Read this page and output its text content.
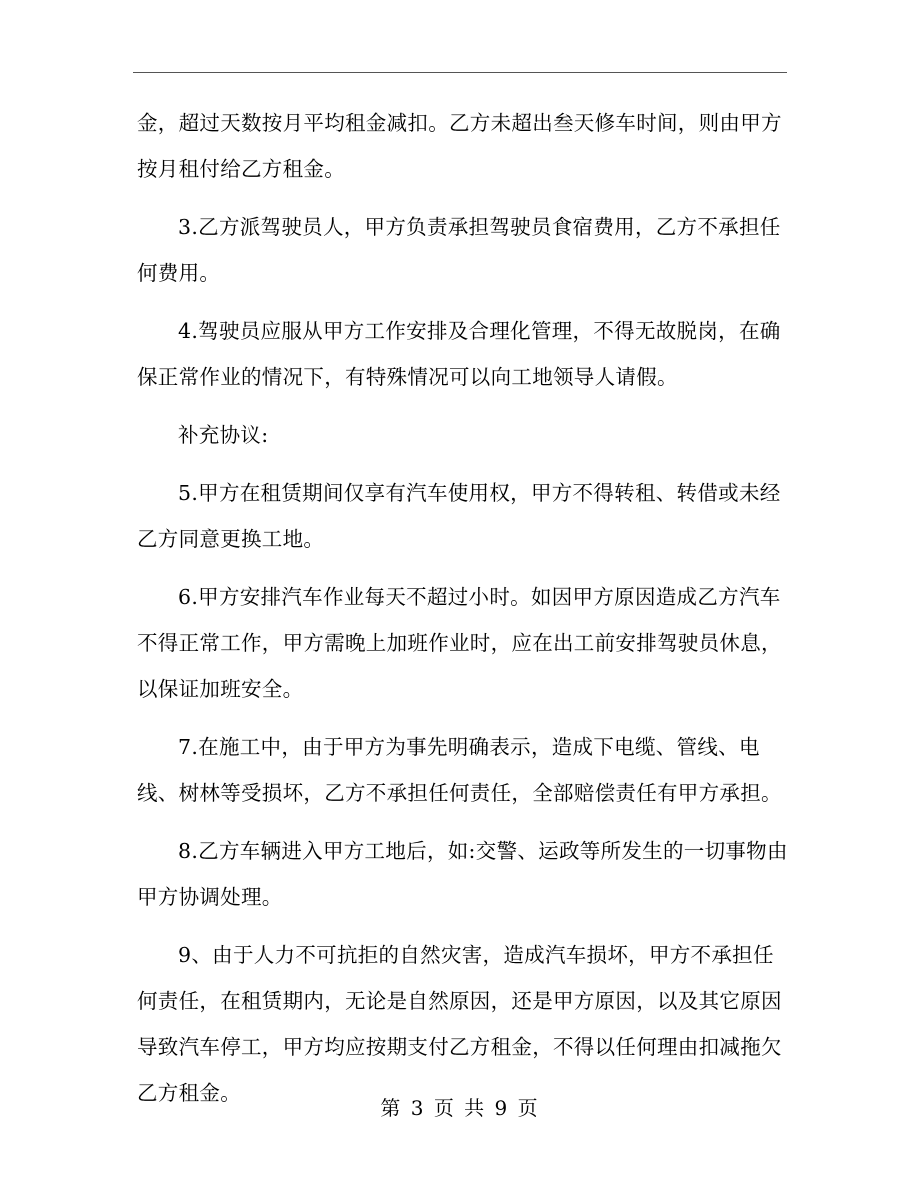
金，超过天数按月平均租金减扣。乙方未超出叁天修车时间，则由甲方按月租付给乙方租金。

3.乙方派驾驶员人，甲方负责承担驾驶员食宿费用，乙方不承担任何费用。

4.驾驶员应服从甲方工作安排及合理化管理，不得无故脱岗，在确保正常作业的情况下，有特殊情况可以向工地领导人请假。

补充协议:

5.甲方在租赁期间仅享有汽车使用权，甲方不得转租、转借或未经乙方同意更换工地。

6.甲方安排汽车作业每天不超过小时。如因甲方原因造成乙方汽车不得正常工作，甲方需晚上加班作业时，应在出工前安排驾驶员休息，以保证加班安全。

7.在施工中，由于甲方为事先明确表示，造成下电缆、管线、电线、树林等受损坏，乙方不承担任何责任，全部赔偿责任有甲方承担。

8.乙方车辆进入甲方工地后，如:交警、运政等所发生的一切事物由甲方协调处理。

9、由于人力不可抗拒的自然灾害，造成汽车损坏，甲方不承担任何责任，在租赁期内，无论是自然原因，还是甲方原因，以及其它原因导致汽车停工，甲方均应按期支付乙方租金，不得以任何理由扣减拖欠乙方租金。

第 3 页 共 9 页
